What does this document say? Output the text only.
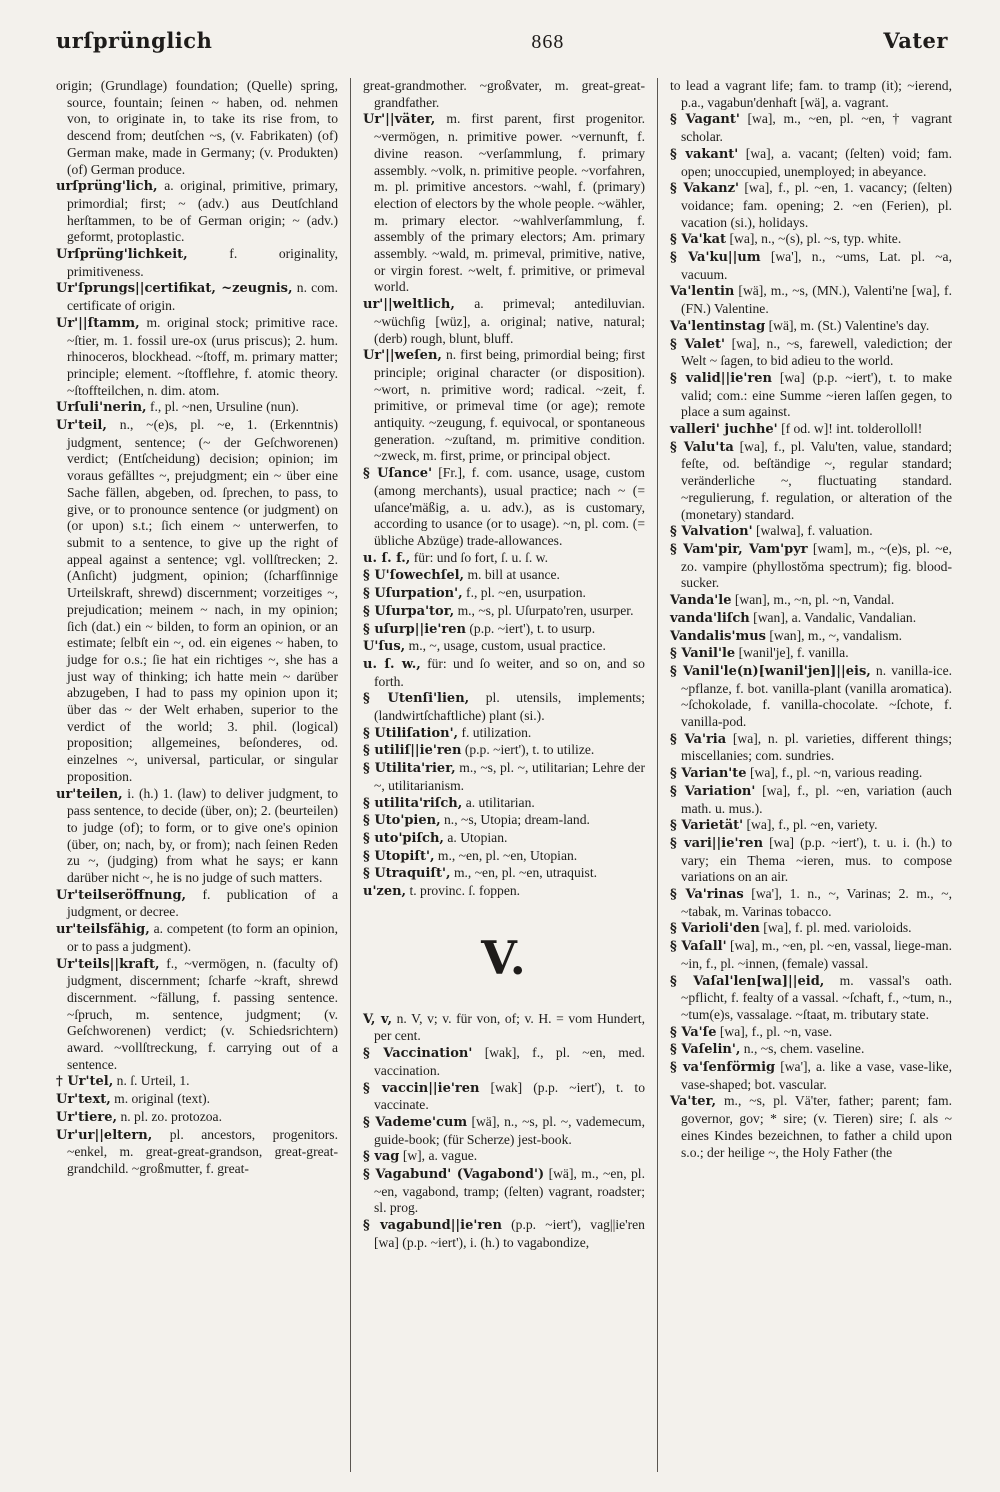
urſprünglich	868	Vater

origin; (Grundlage) foundation; (Quelle) spring, source, fountain; ſeinen ~ haben, od. nehmen von, to originate in, to take its rise from, to descend from; deutſchen ~s, (v. Fabrikaten) (of) German make, made in Germany; (v. Produkten) (of) German produce.

urſprüng'lich, a. original, primitive, primary, primordial; first; ~ (adv.) aus Deutſchland herſtammen, to be of German origin; ~ (adv.) geformt, protoplastic.

Urſprüng'lichkeit,	f. originality, primitiveness.

Ur'ſprungs||certifikat, ~zeugnis, n. com. certificate of origin.

Ur'||ſtamm, m. original stock; primitive race. ~ſtier, m. 1. fossil ure-ox (urus priscus); 2. hum. rhinoceros, blockhead. ~ſtoff, m. primary matter; principle; element. ~ſtofflehre, f. atomic theory. ~ſtoffteilchen, n. dim. atom.

Urſuli'nerin, f., pl. ~nen, Ursuline (nun).

Ur'teil, n., ~(e)s, pl. ~e, 1. (Erkenntnis) judgment, sentence; (~ der Geſchworenen) verdict; (Entſcheidung) decision; opinion; im voraus gefälltes ~, prejudgment; ein ~ über eine Sache fällen, abgeben, od. ſprechen, to pass, to give, or to pronounce sentence (or judgment) on (or upon) s.t.; ſich einem ~ unterwerfen, to submit to a sentence, to give up the right of appeal against a sentence; vgl. vollſtrecken; 2. (Anſicht) judgment, opinion; (ſcharfſinnige Urteilskraft, shrewd) discernment; vorzeitiges ~, prejudication; meinem ~ nach, in my opinion; ſich (dat.) ein ~ bilden, to form an opinion, or an estimate; ſelbſt ein ~, od. ein eigenes ~ haben, to judge for o.s.; ſie hat ein richtiges ~, she has a just way of thinking; ich hatte mein ~ darüber abzugeben, I had to pass my opinion upon it; über das ~ der Welt erhaben, superior to the verdict of the world; 3. phil. (logical) proposition; allgemeines, beſonderes, od. einzelnes ~, universal, particular, or singular proposition.

ur'teilen, i. (h.) 1. (law) to deliver judgment, to pass sentence, to decide (über, on); 2. (beurteilen) to judge (of); to form, or to give one's opinion (über, on; nach, by, or from); nach ſeinen Reden zu ~, (judging) from what he says; er kann darüber nicht ~, he is no judge of such matters.

Ur'teilseröffnung, f. publication of a judgment, or decree.

ur'teilsfähig, a. competent (to form an opinion, or to pass a judgment).

Ur'teils||kraft, f., ~vermögen, n. (faculty of) judgment, discernment; ſcharfe ~kraft, shrewd discernment. ~fällung, f. passing sentence. ~ſpruch, m. sentence, judgment; (v. Geſchworenen) verdict; (v. Schiedsrichtern) award. ~vollſtreckung, f. carrying out of a sentence.

† Ur'tel, n. ſ. Urteil, 1.

Ur'text, m. original (text).

Ur'tiere, n. pl. zo. protozoa.

Ur'ur||eltern, pl. ancestors, progenitors. ~enkel, m. great-great-grandson, great-great-grandchild. ~großmutter, f. great-

great-grandmother. ~großvater, m. great-great-grandfather.

Ur'||väter, m. first parent, first progenitor. ~vermögen, n. primitive power. ~vernunft, f. divine reason. ~verſammlung, f. primary assembly. ~volk, n. primitive people. ~vorfahren, m. pl. primitive ancestors. ~wahl, f. (primary) election of electors by the whole people. ~wähler, m. primary elector. ~wahlverſammlung, f. assembly of the primary electors; Am. primary assembly. ~wald, m. primeval, primitive, native, or virgin forest. ~welt, f. primitive, or primeval world.

ur'||weltlich, a. primeval; antediluvian. ~wüchſig [wüz], a. original; native, natural; (derb) rough, blunt, bluff.

Ur'||weſen, n. first being, primordial being; first principle; original character (or disposition). ~wort, n. primitive word; radical. ~zeit, f. primitive, or primeval time (or age); remote antiquity. ~zeugung, f. equivocal, or spontaneous generation. ~zuſtand, m. primitive condition. ~zweck, m. first, prime, or principal object.

§ Uſance' [Fr.], f. com. usance, usage, custom (among merchants), usual practice; nach ~ (= uſance'mäßig, a. u. adv.), as is customary, according to usance (or to usage). ~n, pl. com. (= übliche Abzüge) trade-allowances.

u. ſ. f., für: und ſo fort, ſ. u. ſ. w.

§ U'ſowechſel, m. bill at usance.

§ Uſurpation', f., pl. ~en, usurpation.

§ Uſurpa'tor, m., ~s, pl. Uſurpato'ren, usurper.

§ uſurp||ie'ren (p.p. ~iert'), t. to usurp.

U'ſus, m., ~, usage, custom, usual practice.

u. ſ. w., für: und ſo weiter, and so on, and so forth.

§ Utenſi'lien, pl. utensils, implements; (landwirtſchaftliche) plant (si.).

§ Utiliſation', f. utilization.

§ utiliſ||ie'ren (p.p. ~iert'), t. to utilize.

§ Utilita'rier, m., ~s, pl. ~, utilitarian; Lehre der ~, utilitarianism.

§ utilita'riſch, a. utilitarian.

§ Uto'pien, n., ~s, Utopia; dream-land.

§ uto'piſch, a. Utopian.

§ Utopiſt', m., ~en, pl. ~en, Utopian.

§ Utraquiſt', m., ~en, pl. ~en, utraquist.

u'zen, t. provinc. ſ. foppen.

V.

V, v, n. V, v; v. für von, of; v. H. = vom Hundert, per cent.

§ Vaccination' [wak], f., pl. ~en, med. vaccination.

§ vaccin||ie'ren [wak] (p.p. ~iert'), t. to vaccinate.

§ Vademe'cum [wä], n., ~s, pl. ~, vademecum, guide-book; (für Scherze) jest-book.

§ vag [w], a. vague.

§ Vagabund' (Vagabond') [wä], m., ~en, pl. ~en, vagabond, tramp; (ſelten) vagrant, roadster; sl. prog.

§ vagabund||ie'ren (p.p. ~iert'), vag||ie'ren [wa] (p.p. ~iert'), i. (h.) to vagabondize,

to lead a vagrant life; fam. to tramp (it); ~ierend, p.a., vagabun'denhaft [wä], a. vagrant.

§ Vagant' [wa], m., ~en, pl. ~en, † vagrant scholar.

§ vakant' [wa], a. vacant; (ſelten) void; fam. open; unoccupied, unemployed; in abeyance.

§ Vakanz' [wa], f., pl. ~en, 1. vacancy; (ſelten) voidance; fam. opening; 2. ~en (Ferien), pl. vacation (si.), holidays.

§ Va'kat [wa], n., ~(s), pl. ~s, typ. white.

§ Va'ku||um [wa'], n., ~ums, Lat. pl. ~a, vacuum.

Va'lentin [wä], m., ~s, (MN.), Valenti'ne [wa], f. (FN.) Valentine.

Va'lentinstag [wä], m. (St.) Valentine's day.

§ Valet' [wa], n., ~s, farewell, valediction; der Welt ~ ſagen, to bid adieu to the world.

§ valid||ie'ren [wa] (p.p. ~iert'), t. to make valid; com.: eine Summe ~ieren laſſen gegen, to place a sum against.

valleri' juchhe' [f od. w]! int. tolderolloll!

§ Valu'ta [wa], f., pl. Valu'ten, value, standard; feſte, od. beſtändige ~, regular standard; veränderliche ~, fluctuating standard. ~regulierung, f. regulation, or alteration of the (monetary) standard.

§ Valvation' [walwa], f. valuation.

§ Vam'pir, Vam'pyr [wam], m., ~(e)s, pl. ~e, zo. vampire (phyllostŏma spectrum); fig. blood-sucker.

Vanda'le [wan], m., ~n, pl. ~n, Vandal.

vanda'liſch [wan], a. Vandalic, Vandalian.

Vandalis'mus [wan], m., ~, vandalism.

§ Vanil'le [wanil'je], f. vanilla.

§ Vanil'le(n)[wanil'jen]||eis, n. vanilla-ice. ~pflanze, f. bot. vanilla-plant (vanilla aromatica). ~ſchokolade, f. vanilla-chocolate. ~ſchote, f. vanilla-pod.

§ Va'ria [wa], n. pl. varieties, different things; miscellanies; com. sundries.

§ Varian'te [wa], f., pl. ~n, various reading.

§ Variation' [wa], f., pl. ~en, variation (auch math. u. mus.).

§ Varietät' [wa], f., pl. ~en, variety.

§ vari||ie'ren [wa] (p.p. ~iert'), t. u. i. (h.) to vary; ein Thema ~ieren, mus. to compose variations on an air.

§ Va'rinas [wa'], 1. n., ~, Varinas; 2. m., ~, ~tabak, m. Varinas tobacco.

§ Varioli'den [wa], f. pl. med. varioloids.

§ Vaſall' [wa], m., ~en, pl. ~en, vassal, liege-man. ~in, f., pl. ~innen, (female) vassal.

§ Vaſal'len[wa]||eid, m. vassal's oath. ~pflicht, f. fealty of a vassal. ~ſchaft, f., ~tum, n., ~tum(e)s, vassalage. ~ſtaat, m. tributary state.

§ Va'ſe [wa], f., pl. ~n, vase.

§ Vaſelin', n., ~s, chem. vaseline.

§ va'ſenförmig [wa'], a. like a vase, vase-like, vase-shaped; bot. vascular.

Va'ter, m., ~s, pl. Vä'ter, father; parent; fam. governor, gov; * sire; (v. Tieren) sire; ſ. als ~ eines Kindes bezeichnen, to father a child upon s.o.; der heilige ~, the Holy Father (the
